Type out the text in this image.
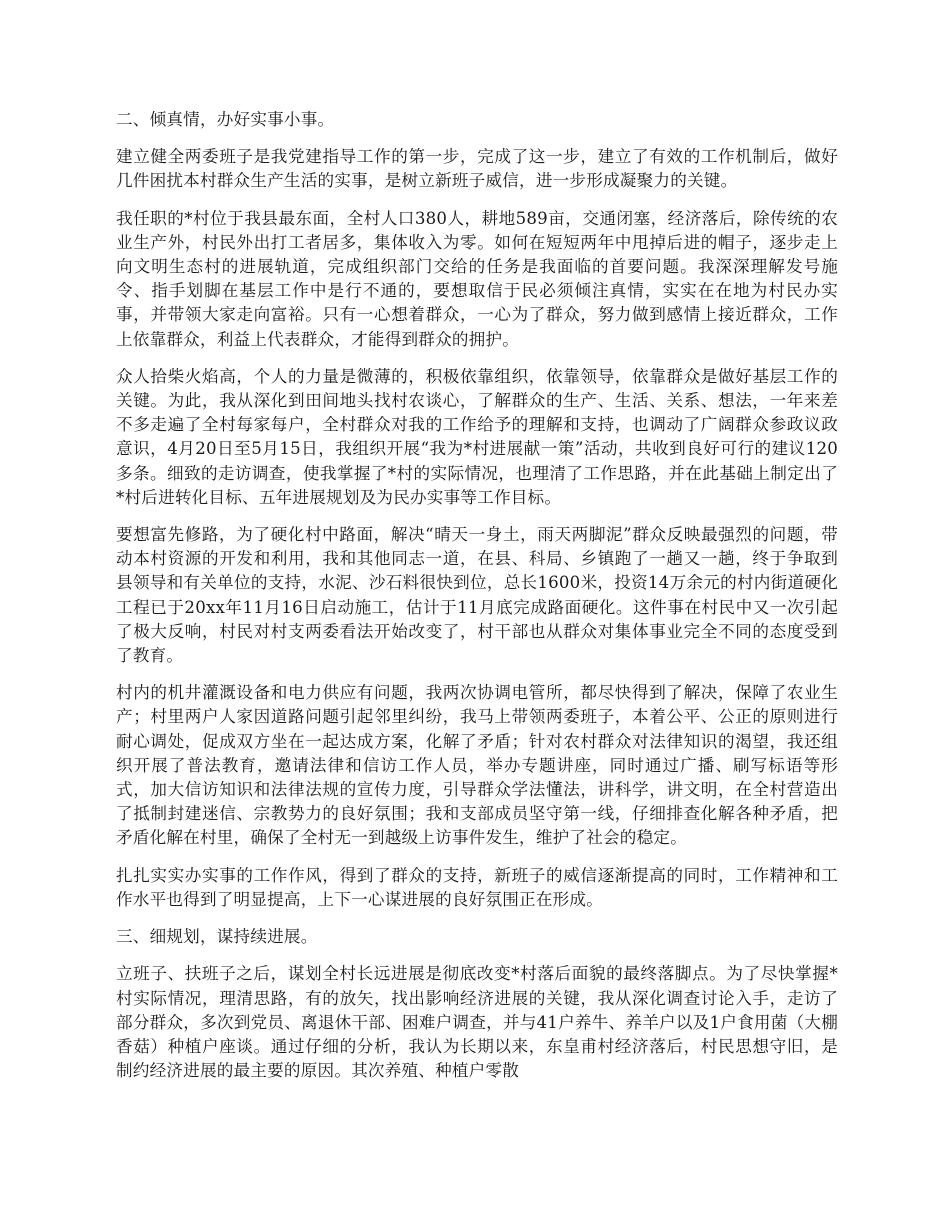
二、倾真情，办好实事小事。

建立健全两委班子是我党建指导工作的第一步，完成了这一步，建立了有效的工作机制后，做好几件困扰本村群众生产生活的实事，是树立新班子威信，进一步形成凝聚力的关键。

我任职的*村位于我县最东面，全村人口380人，耕地589亩，交通闭塞，经济落后，除传统的农业生产外，村民外出打工者居多，集体收入为零。如何在短短两年中甩掉后进的帽子，逐步走上向文明生态村的进展轨道，完成组织部门交给的任务是我面临的首要问题。我深深理解发号施令、指手划脚在基层工作中是行不通的，要想取信于民必须倾注真情，实实在在地为村民办实事，并带领大家走向富裕。只有一心想着群众，一心为了群众，努力做到感情上接近群众，工作上依靠群众，利益上代表群众，才能得到群众的拥护。

众人拾柴火焰高，个人的力量是微薄的，积极依靠组织，依靠领导，依靠群众是做好基层工作的关键。为此，我从深化到田间地头找村农谈心，了解群众的生产、生活、关系、想法，一年来差不多走遍了全村每家每户，全村群众对我的工作给予的理解和支持，也调动了广阔群众参政议政意识，4月20日至5月15日，我组织开展“我为*村进展献一策”活动，共收到良好可行的建议120多条。细致的走访调查，使我掌握了*村的实际情况，也理清了工作思路，并在此基础上制定出了*村后进转化目标、五年进展规划及为民办实事等工作目标。

要想富先修路，为了硬化村中路面，解决“晴天一身土，雨天两脚泥”群众反映最强烈的问题，带动本村资源的开发和利用，我和其他同志一道，在县、科局、乡镇跑了一趟又一趟，终于争取到县领导和有关单位的支持，水泥、沙石料很快到位，总长1600米，投资14万余元的村内街道硬化工程已于20xx年11月16日启动施工，估计于11月底完成路面硬化。这件事在村民中又一次引起了极大反响，村民对村支两委看法开始改变了，村干部也从群众对集体事业完全不同的态度受到了教育。

村内的机井灌溉设备和电力供应有问题，我两次协调电管所，都尽快得到了解决，保障了农业生产；村里两户人家因道路问题引起邻里纠纷，我马上带领两委班子，本着公平、公正的原则进行耐心调处，促成双方坐在一起达成方案，化解了矛盾；针对农村群众对法律知识的渴望，我还组织开展了普法教育，邀请法律和信访工作人员，举办专题讲座，同时通过广播、刷写标语等形式，加大信访知识和法律法规的宣传力度，引导群众学法懂法，讲科学，讲文明，在全村营造出了抵制封建迷信、宗教势力的良好氛围；我和支部成员坚守第一线，仔细排查化解各种矛盾，把矛盾化解在村里，确保了全村无一到越级上访事件发生，维护了社会的稳定。

扎扎实实办实事的工作作风，得到了群众的支持，新班子的威信逐渐提高的同时，工作精神和工作水平也得到了明显提高，上下一心谋进展的良好氛围正在形成。

三、细规划，谋持续进展。

立班子、扶班子之后，谋划全村长远进展是彻底改变*村落后面貌的最终落脚点。为了尽快掌握*村实际情况，理清思路，有的放矢，找出影响经济进展的关键，我从深化调查讨论入手，走访了部分群众，多次到党员、离退休干部、困难户调查，并与41户养牛、养羊户以及1户食用菌（大棚香菇）种植户座谈。通过仔细的分析，我认为长期以来，东皇甫村经济落后，村民思想守旧，是制约经济进展的最主要的原因。其次养殖、种植户零散
